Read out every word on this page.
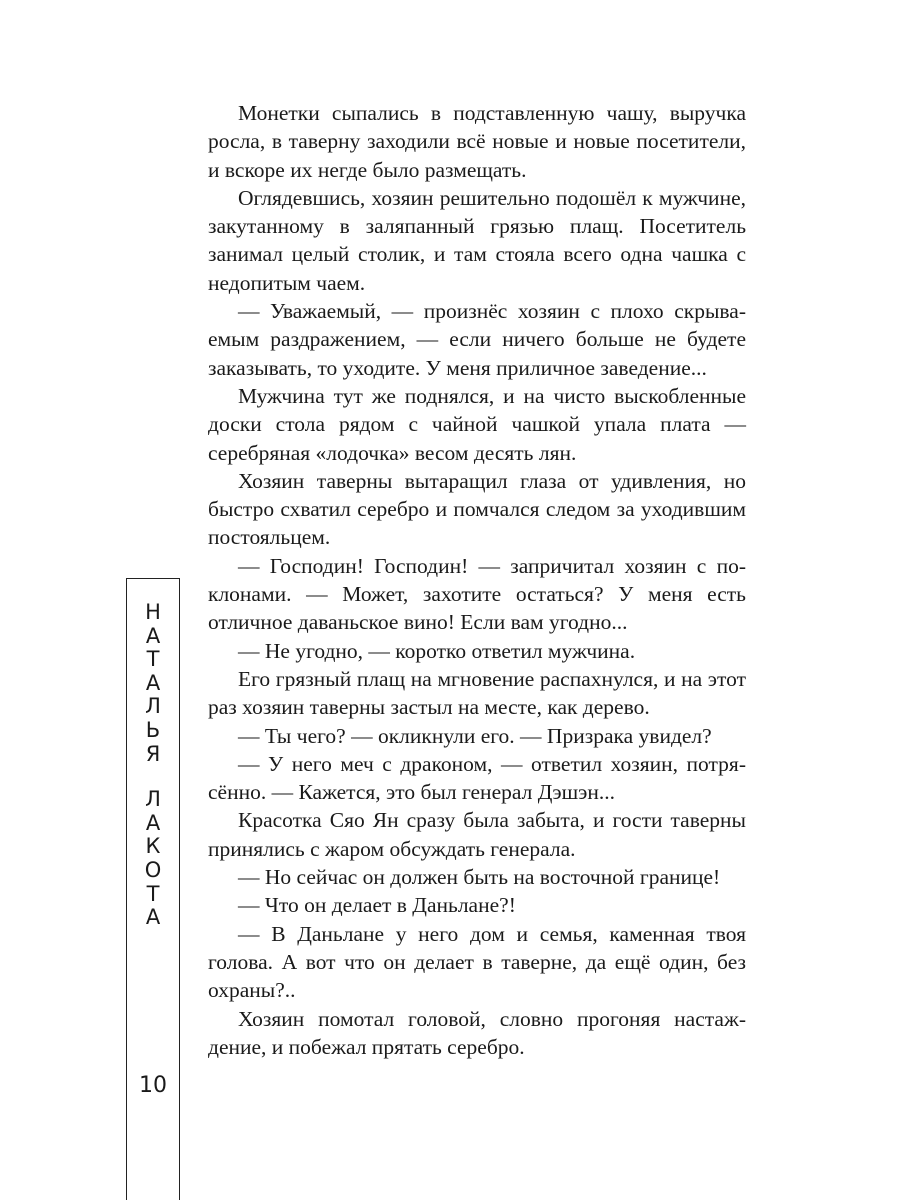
Монетки сыпались в подставленную чашу, выручка росла, в таверну заходили всё новые и новые посетители, и вскоре их негде было размещать.

Оглядевшись, хозяин решительно подошёл к мужчине, закутанному в заляпанный грязью плащ. Посетитель занимал целый столик, и там стояла всего одна чашка с недопитым чаем.

— Уважаемый, — произнёс хозяин с плохо скрываемым раздражением, — если ничего больше не будете заказывать, то уходите. У меня приличное заведение...

Мужчина тут же поднялся, и на чисто выскобленные доски стола рядом с чайной чашкой упала плата — серебряная «лодочка» весом десять лян.

Хозяин таверны вытаращил глаза от удивления, но быстро схватил серебро и помчался следом за уходившим постояльцем.

— Господин! Господин! — запричитал хозяин с поклонами. — Может, захотите остаться? У меня есть отличное даваньское вино! Если вам угодно...

— Не угодно, — коротко ответил мужчина.

Его грязный плащ на мгновение распахнулся, и на этот раз хозяин таверны застыл на месте, как дерево.

— Ты чего? — окликнули его. — Призрака увидел?

— У него меч с драконом, — ответил хозяин, потрясённо. — Кажется, это был генерал Дэшэн...

Красотка Сяо Ян сразу была забыта, и гости таверны принялись с жаром обсуждать генерала.

— Но сейчас он должен быть на восточной границе!

— Что он делает в Даньлане?!

— В Даньлане у него дом и семья, каменная твоя голова. А вот что он делает в таверне, да ещё один, без охраны?..

Хозяин помотал головой, словно прогоняя настаждение, и побежал прятать серебро.

Н
А
Т
А
Л
Ь
Я
Л
А
К
О
Т
А
10
